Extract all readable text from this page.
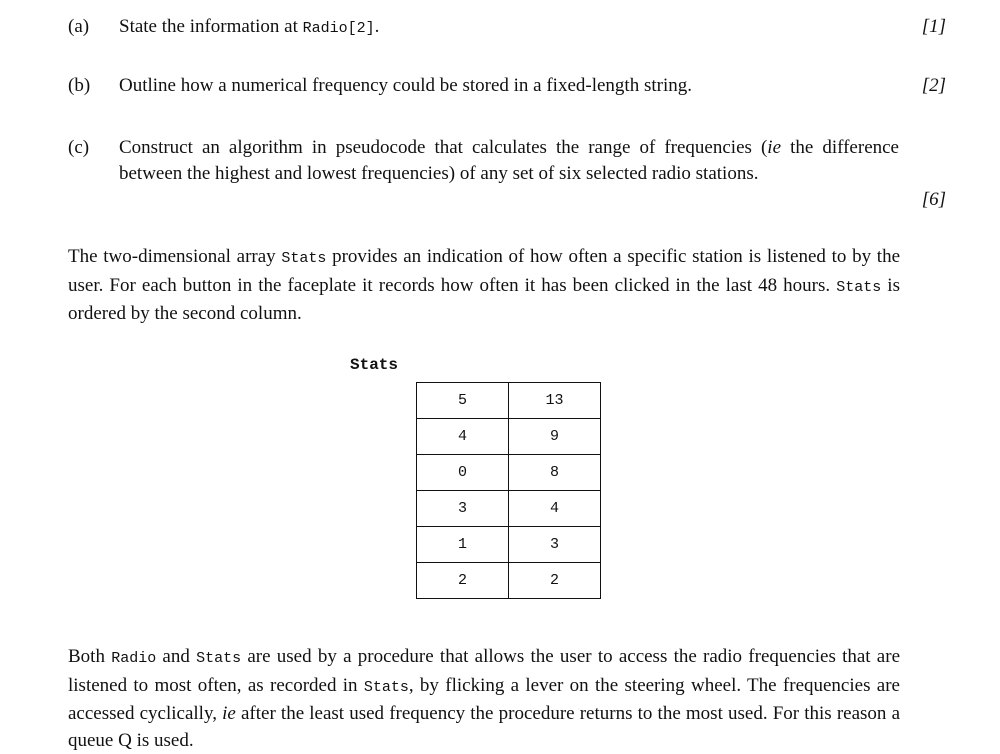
(a) State the information at Radio[2].	[1]
(b) Outline how a numerical frequency could be stored in a fixed-length string.	[2]
(c) Construct an algorithm in pseudocode that calculates the range of frequencies (ie the difference between the highest and lowest frequencies) of any set of six selected radio stations.
[6]
The two-dimensional array Stats provides an indication of how often a specific station is listened to by the user. For each button in the faceplate it records how often it has been clicked in the last 48 hours. Stats is ordered by the second column.
Stats
5	13
4	9
0	8
3	4
1	3
2	2
Both Radio and Stats are used by a procedure that allows the user to access the radio frequencies that are listened to most often, as recorded in Stats, by flicking a lever on the steering wheel. The frequencies are accessed cyclically, ie after the least used frequency the procedure returns to the most used. For this reason a queue Q is used.
